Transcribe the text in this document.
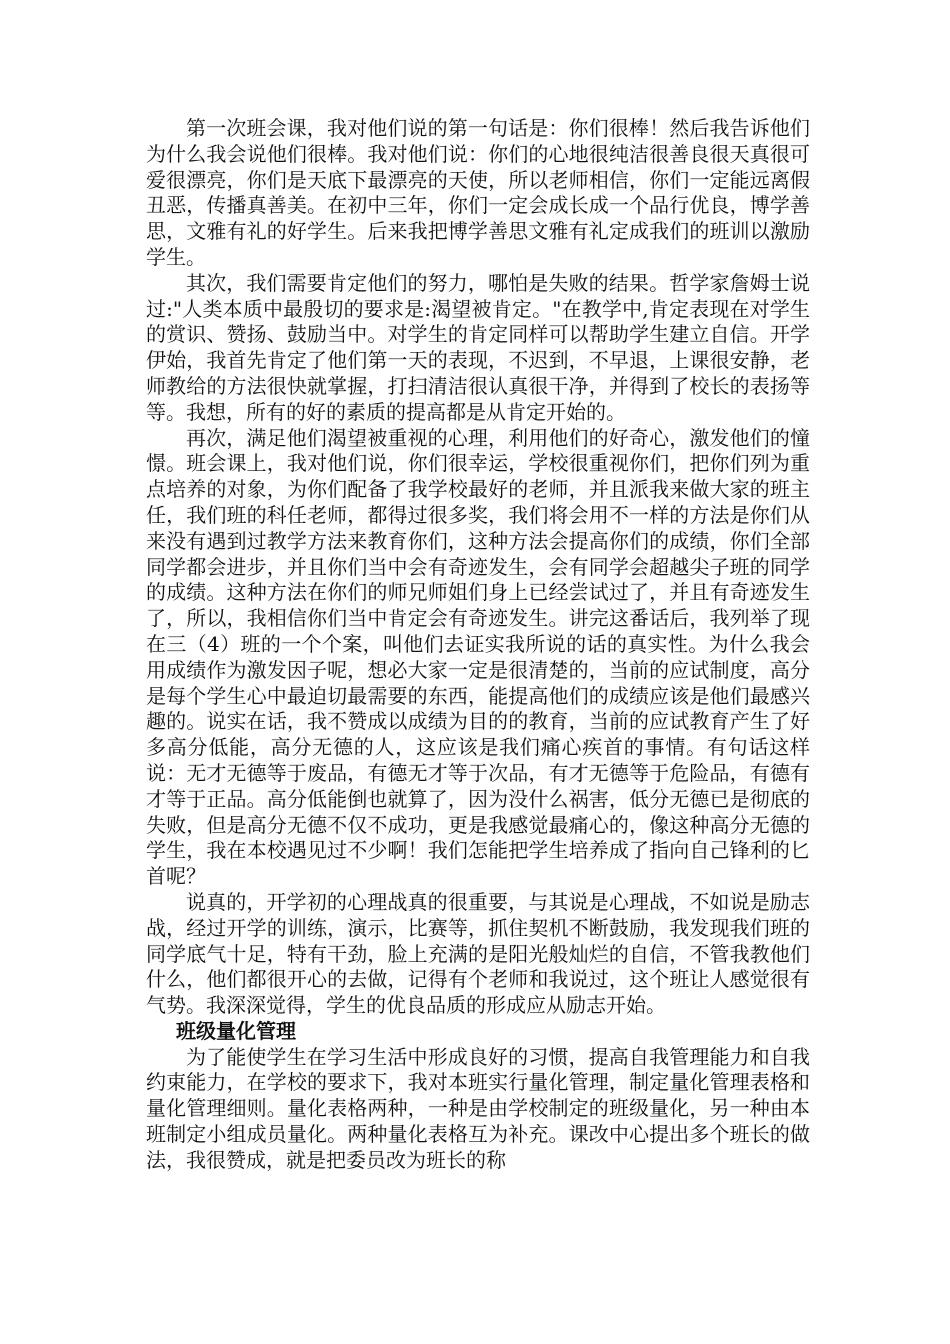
第一次班会课，我对他们说的第一句话是：你们很棒！然后我告诉他们为什么我会说他们很棒。我对他们说：你们的心地很纯洁很善良很天真很可爱很漂亮，你们是天底下最漂亮的天使，所以老师相信，你们一定能远离假丑恶，传播真善美。在初中三年，你们一定会成长成一个品行优良，博学善思，文雅有礼的好学生。后来我把博学善思文雅有礼定成我们的班训以激励学生。

其次，我们需要肯定他们的努力，哪怕是失败的结果。哲学家詹姆士说过:"人类本质中最殷切的要求是:渴望被肯定。"在教学中,肯定表现在对学生的赏识、赞扬、鼓励当中。对学生的肯定同样可以帮助学生建立自信。开学伊始，我首先肯定了他们第一天的表现，不迟到，不早退，上课很安静，老师教给的方法很快就掌握，打扫清洁很认真很干净，并得到了校长的表扬等等。我想，所有的好的素质的提高都是从肯定开始的。

再次，满足他们渴望被重视的心理，利用他们的好奇心，激发他们的憧憬。班会课上，我对他们说，你们很幸运，学校很重视你们，把你们列为重点培养的对象，为你们配备了我学校最好的老师，并且派我来做大家的班主任，我们班的科任老师，都得过很多奖，我们将会用不一样的方法是你们从来没有遇到过教学方法来教育你们，这种方法会提高你们的成绩，你们全部同学都会进步，并且你们当中会有奇迹发生，会有同学会超越尖子班的同学的成绩。这种方法在你们的师兄师姐们身上已经尝试过了，并且有奇迹发生了，所以，我相信你们当中肯定会有奇迹发生。讲完这番话后，我列举了现在三（4）班的一个个案，叫他们去证实我所说的话的真实性。为什么我会用成绩作为激发因子呢，想必大家一定是很清楚的，当前的应试制度，高分是每个学生心中最迫切最需要的东西，能提高他们的成绩应该是他们最感兴趣的。说实在话，我不赞成以成绩为目的的教育，当前的应试教育产生了好多高分低能，高分无德的人，这应该是我们痛心疾首的事情。有句话这样说：无才无德等于废品，有德无才等于次品，有才无德等于危险品，有德有才等于正品。高分低能倒也就算了，因为没什么祸害，低分无德已是彻底的失败，但是高分无德不仅不成功，更是我感觉最痛心的，像这种高分无德的学生，我在本校遇见过不少啊！我们怎能把学生培养成了指向自己锋利的匕首呢？

说真的，开学初的心理战真的很重要，与其说是心理战，不如说是励志战，经过开学的训练，演示，比赛等，抓住契机不断鼓励，我发现我们班的同学底气十足，特有干劲，脸上充满的是阳光般灿烂的自信，不管我教他们什么，他们都很开心的去做，记得有个老师和我说过，这个班让人感觉很有气势。我深深觉得，学生的优良品质的形成应从励志开始。

班级量化管理

为了能使学生在学习生活中形成良好的习惯，提高自我管理能力和自我约束能力，在学校的要求下，我对本班实行量化管理，制定量化管理表格和量化管理细则。量化表格两种，一种是由学校制定的班级量化，另一种由本班制定小组成员量化。两种量化表格互为补充。课改中心提出多个班长的做法，我很赞成，就是把委员改为班长的称
